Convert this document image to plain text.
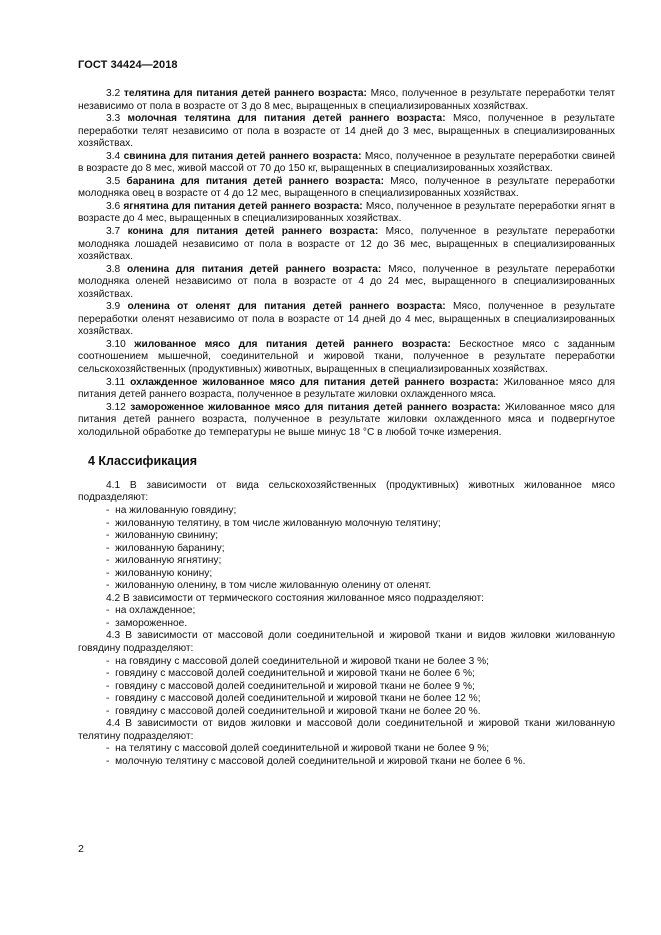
ГОСТ 34424—2018

3.2 телятина для питания детей раннего возраста: Мясо, полученное в результате переработки телят независимо от пола в возрасте от 3 до 8 мес, выращенных в специализированных хозяйствах.

3.3 молочная телятина для питания детей раннего возраста: Мясо, полученное в результате переработки телят независимо от пола в возрасте от 14 дней до 3 мес, выращенных в специализированных хозяйствах.

3.4 свинина для питания детей раннего возраста: Мясо, полученное в результате переработки свиней в возрасте до 8 мес, живой массой от 70 до 150 кг, выращенных в специализированных хозяйствах.

3.5 баранина для питания детей раннего возраста: Мясо, полученное в результате переработки молодняка овец в возрасте от 4 до 12 мес, выращенного в специализированных хозяйствах.

3.6 ягнятина для питания детей раннего возраста: Мясо, полученное в результате переработки ягнят в возрасте до 4 мес, выращенных в специализированных хозяйствах.

3.7 конина для питания детей раннего возраста: Мясо, полученное в результате переработки молодняка лошадей независимо от пола в возрасте от 12 до 36 мес, выращенных в специализированных хозяйствах.

3.8 оленина для питания детей раннего возраста: Мясо, полученное в результате переработки молодняка оленей независимо от пола в возрасте от 4 до 24 мес, выращенного в специализированных хозяйствах.

3.9 оленина от оленят для питания детей раннего возраста: Мясо, полученное в результате переработки оленят независимо от пола в возрасте от 14 дней до 4 мес, выращенных в специализированных хозяйствах.

3.10 жилованное мясо для питания детей раннего возраста: Бескостное мясо с заданным соотношением мышечной, соединительной и жировой ткани, полученное в результате переработки сельскохозяйственных (продуктивных) животных, выращенных в специализированных хозяйствах.

3.11 охлажденное жилованное мясо для питания детей раннего возраста: Жилованное мясо для питания детей раннего возраста, полученное в результате жиловки охлажденного мяса.

3.12 замороженное жилованное мясо для питания детей раннего возраста: Жилованное мясо для питания детей раннего возраста, полученное в результате жиловки охлажденного мяса и подвергнутое холодильной обработке до температуры не выше минус 18 °С в любой точке измерения.

4 Классификация

4.1 В зависимости от вида сельскохозяйственных (продуктивных) животных жилованное мясо подразделяют:

-  на жилованную говядину;
-  жилованную телятину, в том числе жилованную молочную телятину;
-  жилованную свинину;
-  жилованную баранину;
-  жилованную ягнятину;
-  жилованную конину;
-  жилованную оленину, в том числе жилованную оленину от оленят.

4.2 В зависимости от термического состояния жилованное мясо подразделяют:

-  на охлажденное;
-  замороженное.

4.3 В зависимости от массовой доли соединительной и жировой ткани и видов жиловки жилованную говядину подразделяют:

-  на говядину с массовой долей соединительной и жировой ткани не более 3 %;
-  говядину с массовой долей соединительной и жировой ткани не более 6 %;
-  говядину с массовой долей соединительной и жировой ткани не более 9 %;
-  говядину с массовой долей соединительной и жировой ткани не более 12 %;
-  говядину с массовой долей соединительной и жировой ткани не более 20 %.

4.4 В зависимости от видов жиловки и массовой доли соединительной и жировой ткани жилованную телятину подразделяют:

-  на телятину с массовой долей соединительной и жировой ткани не более 9 %;
-  молочную телятину с массовой долей соединительной и жировой ткани не более 6 %.
2
